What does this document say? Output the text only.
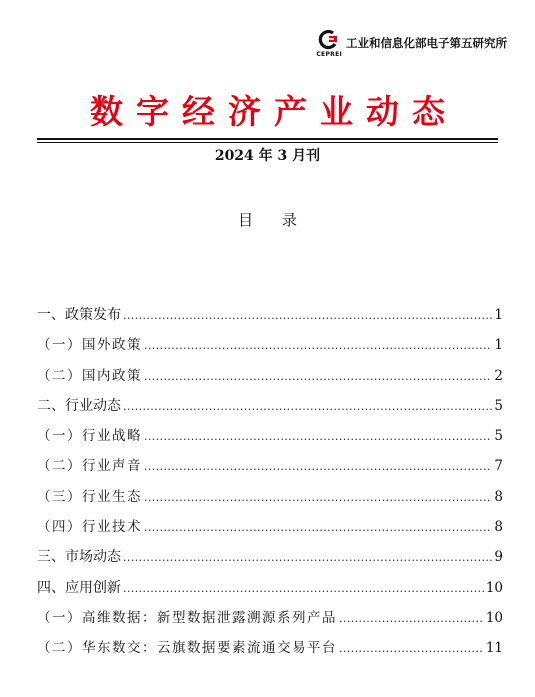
CEPREI
工业和信息化部电子第五研究所
数字经济产业动态
2024 年 3 月刊
目 录
一、政策发布 .....	1
（一）国外政策 .....	1
（二）国内政策 .....	2
二、行业动态 .....	5
（一）行业战略 .....	5
（二）行业声音 .....	7
（三）行业生态 .....	8
（四）行业技术 .....	8
三、市场动态 .....	9
四、应用创新 .....	10
（一）高维数据：新型数据泄露溯源系列产品 .....	10
（二）华东数交：云旗数据要素流通交易平台 .....	11
